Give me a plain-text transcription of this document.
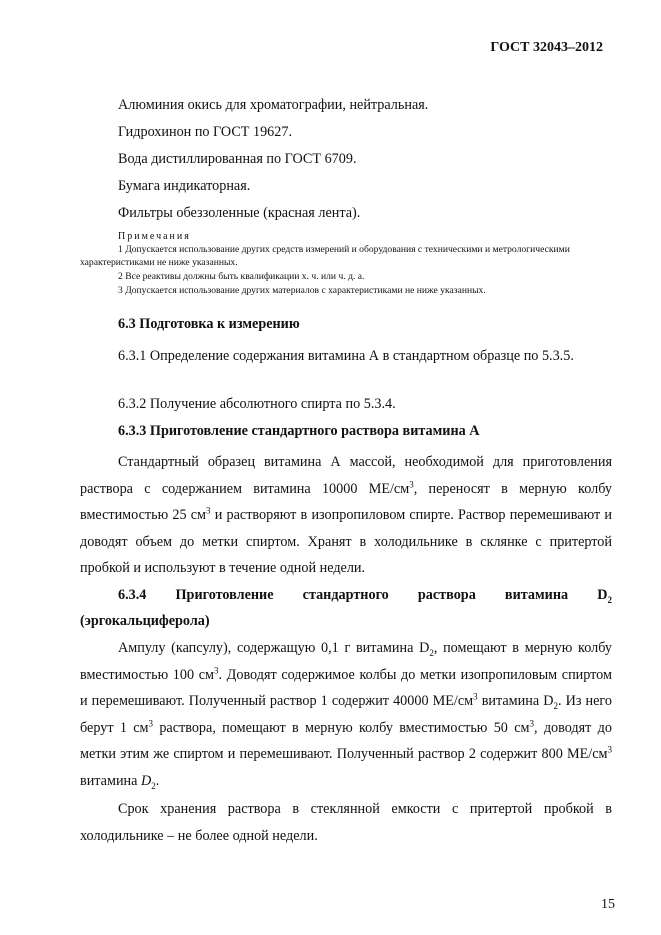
ГОСТ 32043–2012

Алюминия окись для хроматографии, нейтральная.

Гидрохинон по ГОСТ 19627.

Вода дистиллированная по ГОСТ 6709.

Бумага индикаторная.

Фильтры обеззоленные (красная лента).

Примечания

1 Допускается использование других средств измерений и оборудования с техническими и метрологическими характеристиками не ниже указанных.

2 Все реактивы должны быть квалификации х. ч. или ч. д. а.

3 Допускается использование других материалов с характеристиками не ниже указанных.

6.3 Подготовка к измерению

6.3.1 Определение содержания витамина А в стандартном образце по 5.3.5.

6.3.2 Получение абсолютного спирта по 5.3.4.

6.3.3 Приготовление стандартного раствора витамина А

Стандартный образец витамина А массой, необходимой для приготовления раствора с содержанием витамина 10000 $МЕ/см^3$, переносят в мерную колбу вместимостью 25 $см^3$ и растворяют в изопропиловом спирте. Раствор перемешивают и доводят объем до метки спиртом. Хранят в холодильнике в склянке с притертой пробкой и используют в течение одной недели.

6.3.4 Приготовление стандартного раствора витамина $D_2$ (эргокальциферола)

Ампулу (капсулу), содержащую 0,1 г витамина $D_2$, помещают в мерную колбу вместимостью 100 $см^3$. Доводят содержимое колбы до метки изопропиловым спиртом и перемешивают. Полученный раствор 1 содержит 40000 $МЕ/см^3$ витамина $D_2$. Из него берут 1 $см^3$ раствора, помещают в мерную колбу вместимостью 50 $см^3$, доводят до метки этим же спиртом и перемешивают. Полученный раствор 2 содержит 800 $МЕ/см^3$ витамина $D_2$.

Срок хранения раствора в стеклянной емкости с притертой пробкой в холодильнике – не более одной недели.

15
